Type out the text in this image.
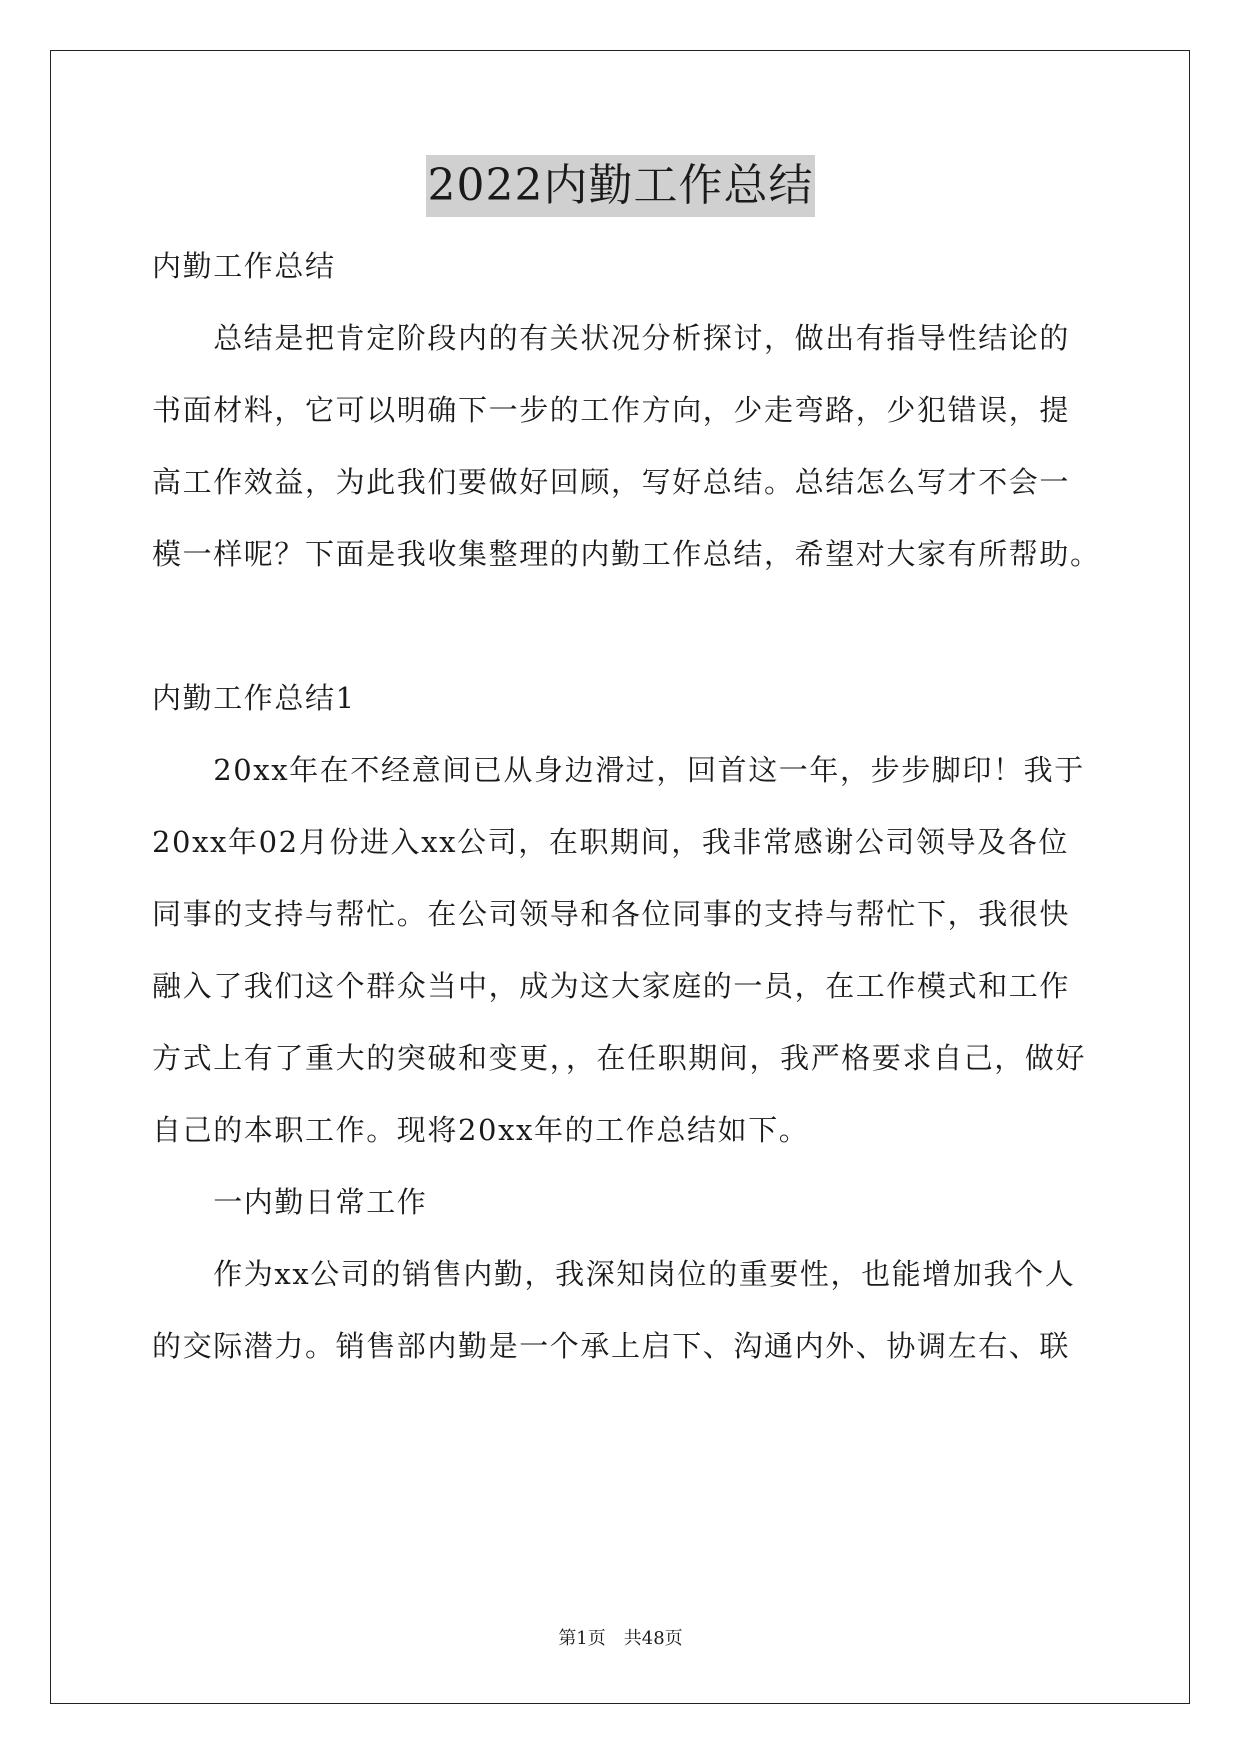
2022内勤工作总结
内勤工作总结
　　总结是把肯定阶段内的有关状况分析探讨，做出有指导性结论的
书面材料，它可以明确下一步的工作方向，少走弯路，少犯错误，提
高工作效益，为此我们要做好回顾，写好总结。总结怎么写才不会一
模一样呢？下面是我收集整理的内勤工作总结，希望对大家有所帮助。
内勤工作总结1
　　20xx年在不经意间已从身边滑过，回首这一年，步步脚印！我于
20xx年02月份进入xx公司，在职期间，我非常感谢公司领导及各位
同事的支持与帮忙。在公司领导和各位同事的支持与帮忙下，我很快
融入了我们这个群众当中，成为这大家庭的一员，在工作模式和工作
方式上有了重大的突破和变更，，在任职期间，我严格要求自己，做好
自己的本职工作。现将20xx年的工作总结如下。
　　一内勤日常工作
　　作为xx公司的销售内勤，我深知岗位的重要性，也能增加我个人
的交际潜力。销售部内勤是一个承上启下、沟通内外、协调左右、联
第1页　共48页
